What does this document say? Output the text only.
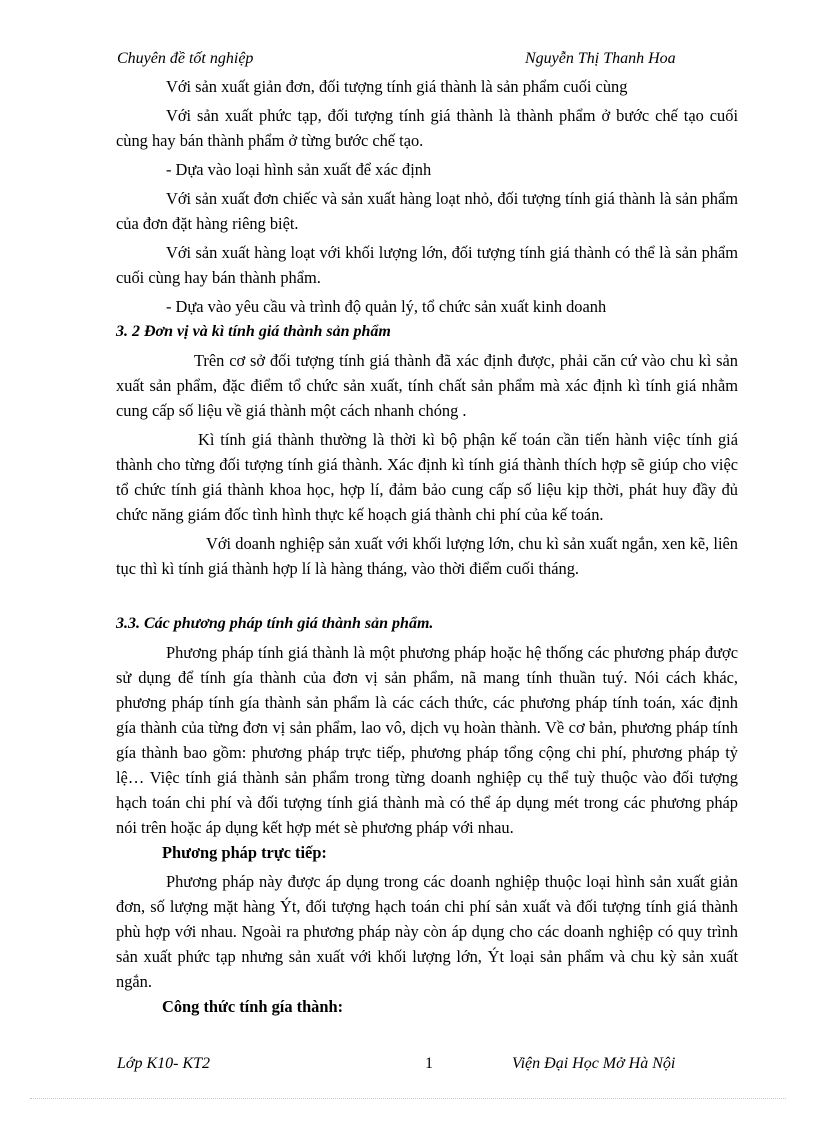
Chuyên đề tốt nghiệp	Nguyễn Thị Thanh Hoa

Với sản xuất giản đơn, đối tượng tính giá thành là sản phẩm cuối cùng

Với sản xuất phức tạp, đối tượng tính giá thành là thành phẩm ở bước chế tạo cuối cùng hay bán thành phẩm ở từng bước chế tạo.

- Dựa vào loại hình sản xuất để xác định

Với sản xuất đơn chiếc và sản xuất hàng loạt nhỏ, đối tượng tính giá thành là sản phẩm của đơn đặt hàng riêng biệt.

Với sản xuất hàng loạt với khối lượng lớn, đối tượng tính giá thành có thể là sản phẩm cuối cùng hay bán thành phẩm.

- Dựa vào yêu cầu và trình độ quản lý, tổ chức sản xuất kinh doanh

3. 2 Đơn vị và kì tính giá thành sản phẩm

Trên cơ sở đối tượng tính giá thành đã xác định được, phải căn cứ vào chu kì sản xuất sản phẩm, đặc điểm tổ chức sản xuất, tính chất sản phẩm mà xác định kì tính giá nhằm cung cấp số liệu về giá thành một cách nhanh chóng .

Kì tính giá thành thường là thời kì bộ phận kế toán cần tiến hành việc tính giá thành cho từng đối tượng tính giá thành. Xác định kì tính giá thành thích hợp sẽ giúp cho việc tổ chức tính giá thành khoa học, hợp lí, đảm bảo cung cấp số liệu kịp thời, phát huy đầy đủ chức năng giám đốc tình hình thực kế hoạch giá thành chi phí của kế toán.

Với doanh nghiệp sản xuất với khối lượng lớn, chu kì sản xuất ngắn, xen kẽ, liên tục thì kì tính giá thành hợp lí là hàng tháng, vào thời điểm cuối tháng.

3.3. Các phương pháp tính giá thành sản phẩm.

Phương pháp tính giá thành là một phương pháp hoặc hệ thống các phương pháp được sử dụng để tính gía thành của đơn vị sản phẩm, nã mang tính thuần tuý. Nói cách khác, phương pháp tính gía thành sản phẩm là các cách thức, các phương pháp tính toán, xác định gía thành của từng đơn vị sản phẩm, lao vô, dịch vụ hoàn thành. Về cơ bản, phương pháp tính gía thành bao gồm: phương pháp trực tiếp, phương pháp tổng cộng chi phí, phương pháp tỷ lệ… Việc tính giá thành sản phẩm trong từng doanh nghiệp cụ thể tuỳ thuộc vào đối tượng hạch toán chi phí và đối tượng tính giá thành mà có thể áp dụng mét trong các phương pháp nói trên hoặc áp dụng kết hợp mét sè phương pháp với nhau.

Phương pháp trực tiếp:

Phương pháp này được áp dụng trong các doanh nghiệp thuộc loại hình sản xuất giản đơn, số lượng mặt hàng Ýt, đối tượng hạch toán chi phí sản xuất và đối tượng tính giá thành phù hợp với nhau. Ngoài ra phương pháp này còn áp dụng cho các doanh nghiệp có quy trình sản xuất phức tạp nhưng sản xuất với khối lượng lớn, Ýt loại sản phẩm và chu kỳ sản xuất ngắn.

Công thức tính gía thành:

Lớp K10- KT2	1	Viện Đại Học Mở Hà Nội
